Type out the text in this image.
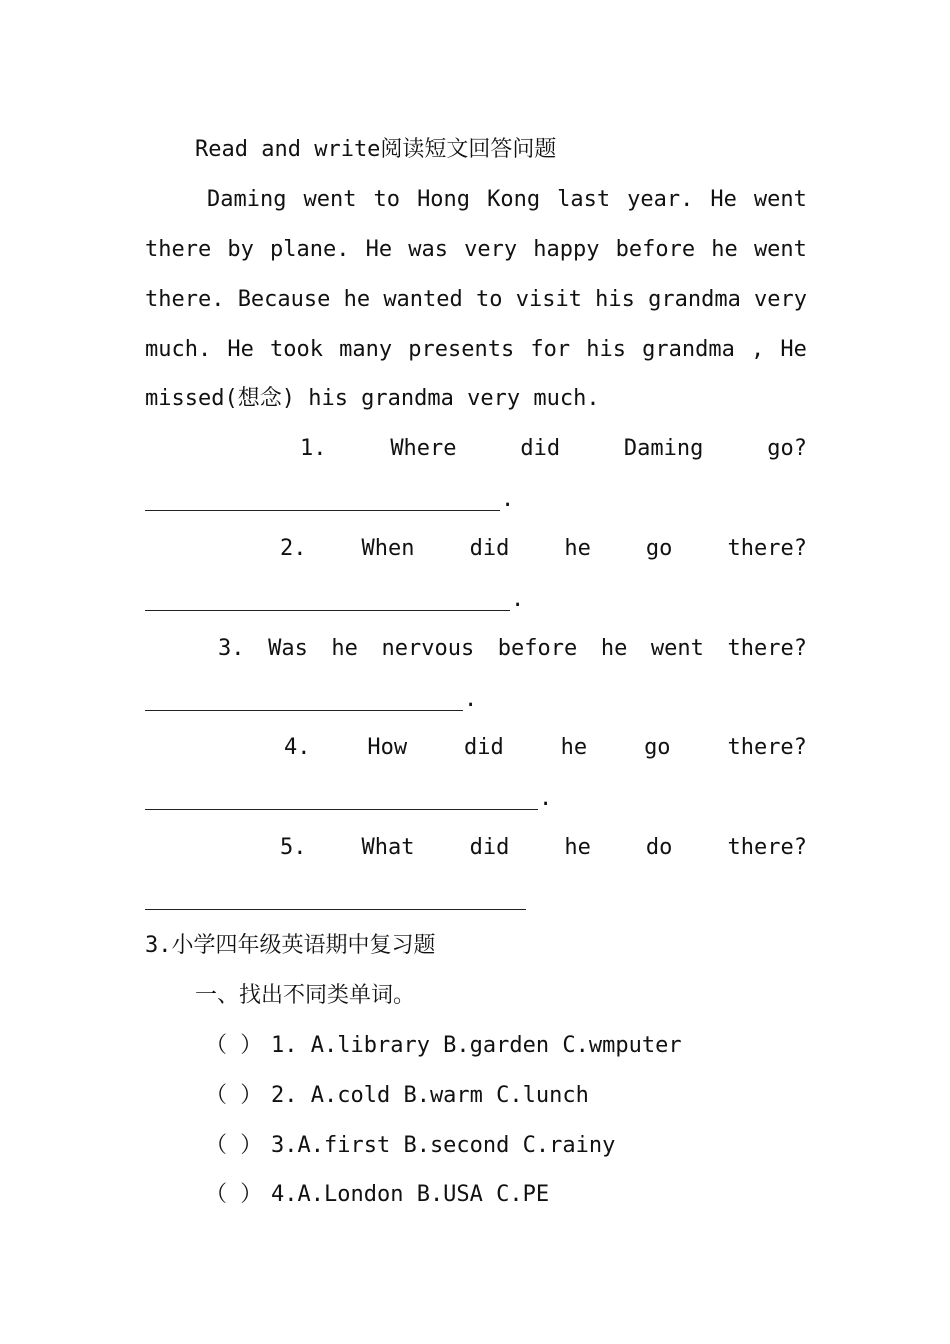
Read and write阅读短文回答问题
Daming went to Hong Kong last year. He went
there by plane. He was very happy before he went
there. Because he wanted to visit his grandma very
much. He took many presents for his grandma , He
missed(想念) his grandma very much.
1.	Where	did	Daming	go?
.
2.	When	did	he	go	there?
.
3. Was he nervous before he went there?
.
4.	How	did	he	go	there?
.
5.	What	did	he	do	there?
3.小学四年级英语期中复习题
一、找出不同类单词。
（ ） 1. A.library B.garden C.wmputer
（ ） 2. A.cold B.warm C.lunch
（ ） 3.A.first B.second C.rainy
（ ） 4.A.London B.USA C.PE
